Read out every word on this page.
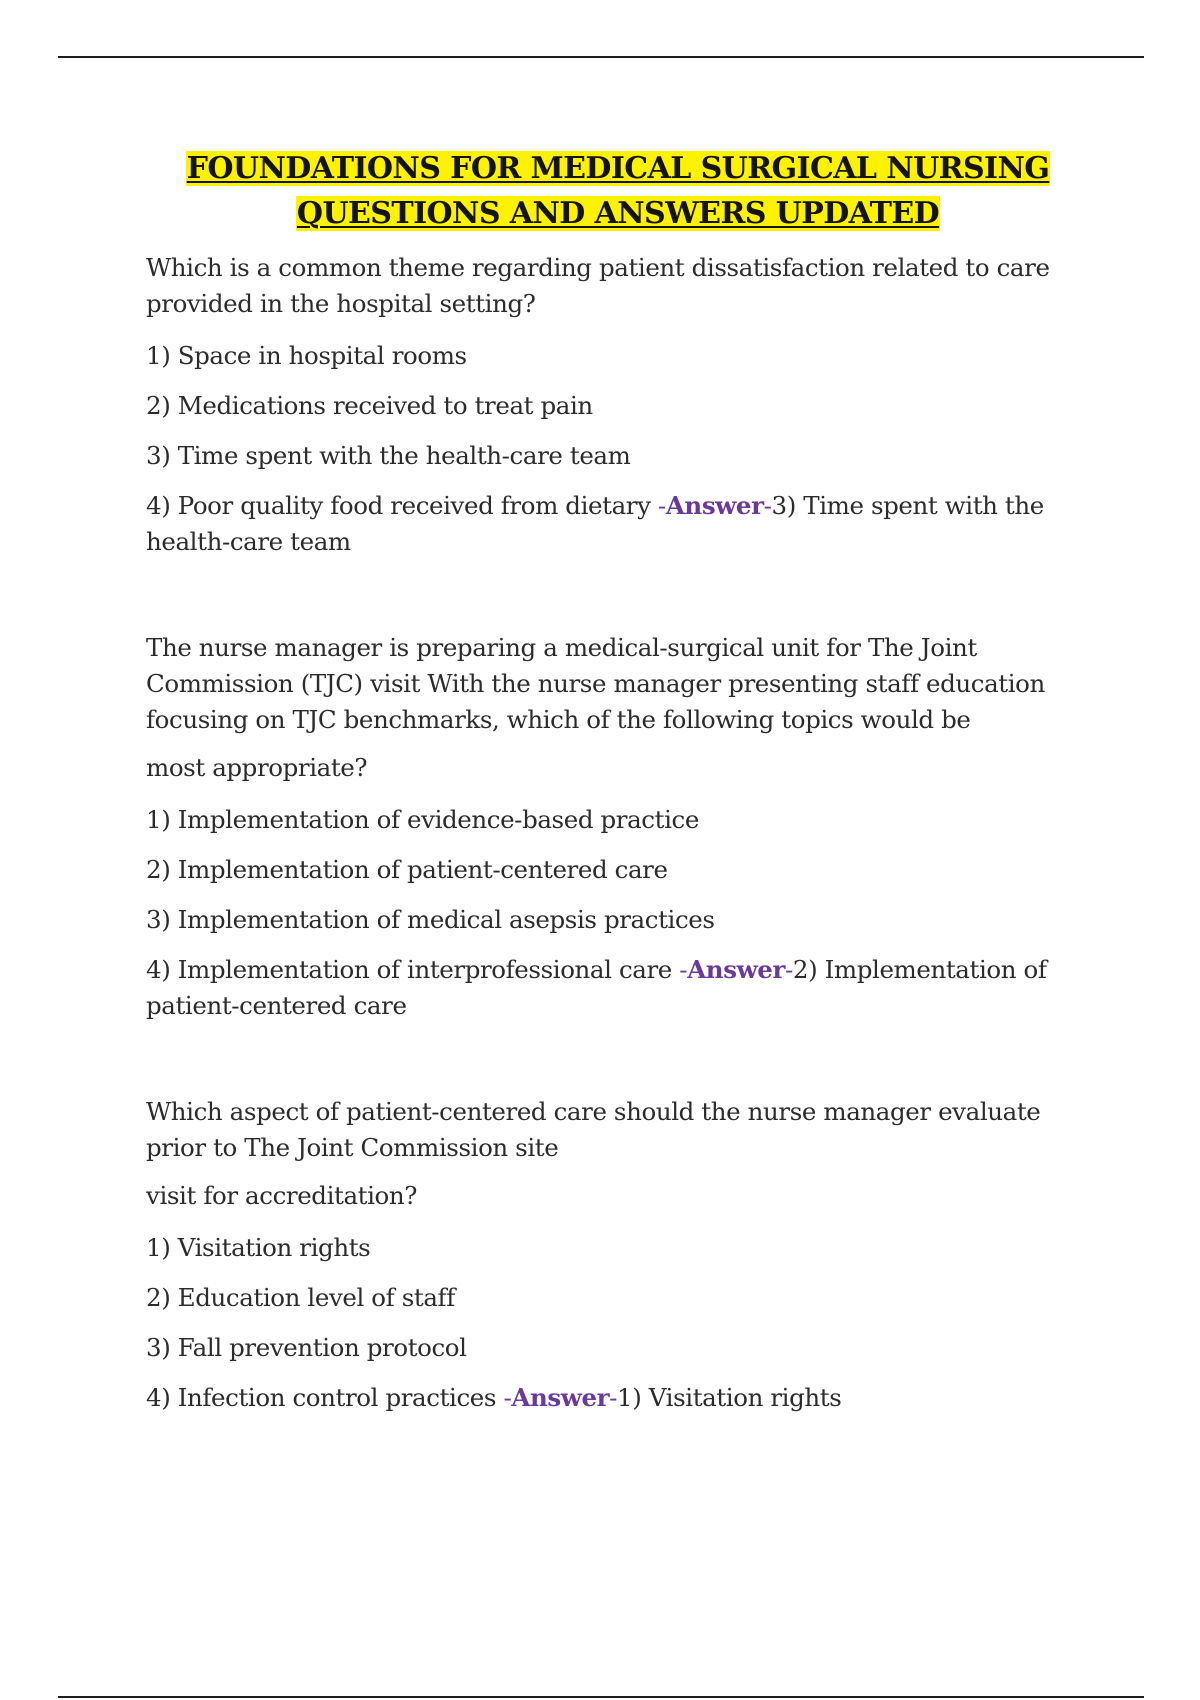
FOUNDATIONS FOR MEDICAL SURGICAL NURSING
QUESTIONS AND ANSWERS UPDATED

Which is a common theme regarding patient dissatisfaction related to care provided in the hospital setting?

1) Space in hospital rooms

2) Medications received to treat pain

3) Time spent with the health-care team

4) Poor quality food received from dietary -Answer-3) Time spent with the health-care team

The nurse manager is preparing a medical-surgical unit for The Joint Commission (TJC) visit With the nurse manager presenting staff education focusing on TJC benchmarks, which of the following topics would be

most appropriate?

1) Implementation of evidence-based practice

2) Implementation of patient-centered care

3) Implementation of medical asepsis practices

4) Implementation of interprofessional care -Answer-2) Implementation of patient-centered care

Which aspect of patient-centered care should the nurse manager evaluate prior to The Joint Commission site

visit for accreditation?

1) Visitation rights

2) Education level of staff

3) Fall prevention protocol

4) Infection control practices -Answer-1) Visitation rights
